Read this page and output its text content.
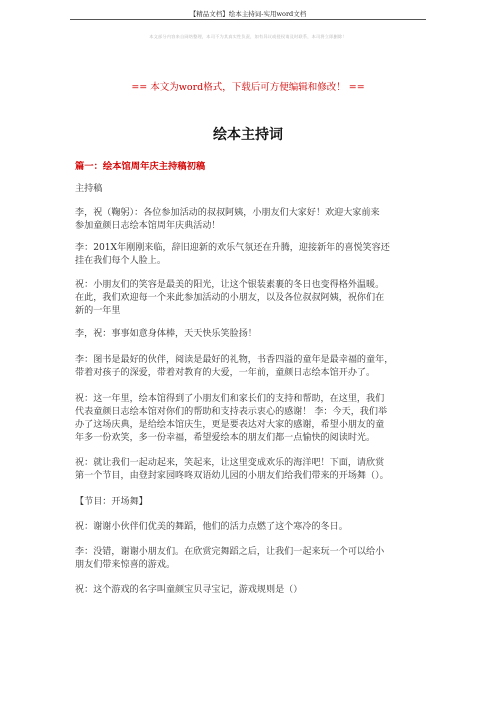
【精品文档】绘本主持词-实用word文档
本文部分内容来自网络整理，本司不为其真实性负责，如有异议或侵权请及时联系，本司将立即删除！
== 本文为word格式，下载后可方便编辑和修改！ ==
绘本主持词
篇一：绘本馆周年庆主持稿初稿
主持稿
李，祝（鞠躬）：各位参加活动的叔叔阿姨，小朋友们大家好！欢迎大家前来
参加童颜日志绘本馆周年庆典活动！
李：201X年刚刚来临，辞旧迎新的欢乐气氛还在升腾，迎接新年的喜悦笑容还
挂在我们每个人脸上。
祝：小朋友们的笑容是最美的阳光，让这个银装素裹的冬日也变得格外温暖。
在此，我们欢迎每一个来此参加活动的小朋友，以及各位叔叔阿姨，祝你们在
新的一年里
李，祝：事事如意身体棒，天天快乐笑脸扬！
李：图书是最好的伙伴，阅读是最好的礼物，书香四溢的童年是最幸福的童年，
带着对孩子的深爱，带着对教育的大爱，一年前，童颜日志绘本馆开办了。
祝：这一年里，绘本馆得到了小朋友们和家长们的支持和帮助，在这里，我们
代表童颜日志绘本馆对你们的帮助和支持表示衷心的感谢！ 李：今天，我们举
办了这场庆典，是给绘本馆庆生，更是要表达对大家的感谢，希望小朋友的童
年多一份欢笑，多一份幸福，希望爱绘本的朋友们都一点愉快的阅读时光。
祝：就让我们一起动起来，笑起来，让这里变成欢乐的海洋吧！下面，请欣赏
第一个节目，由登封家园咚咚双语幼儿园的小朋友们给我们带来的开场舞（）。
【节目：开场舞】
祝：谢谢小伙伴们优美的舞蹈，他们的活力点燃了这个寒冷的冬日。
李：没错，谢谢小朋友们。在欣赏完舞蹈之后，让我们一起来玩一个可以给小
朋友们带来惊喜的游戏。
祝：这个游戏的名字叫童颜宝贝寻宝记，游戏规则是（）
